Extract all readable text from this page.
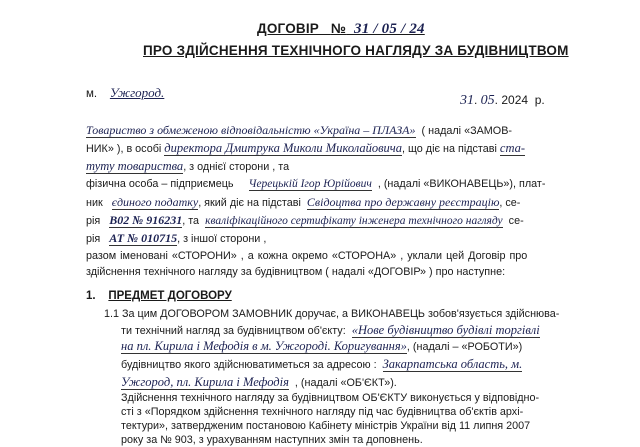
ДОГОВІР № 31 / 05 / 24
ПРО ЗДІЙСНЕННЯ ТЕХНІЧНОГО НАГЛЯДУ ЗА БУДІВНИЦТВОМ
м. Ужгород.
31. 05. 2024 р.
Товариство з обмеженою відповідальністю «Україна – ПЛАЗА» ( надалі «ЗАМОВ-
НИК» ), в особі директора Дмитрука Миколи Миколайовича, що діє на підставі ста-
туту товариства, з однієї сторони , та
фізична особа – підприємець Черецькій Ігор Юрійович , (надалі «ВИКОНАВЕЦЬ»), плат-
ник єдиного податку, який діє на підставі Свідоцтва про державну реєстрацію, се-
рія В02 № 916231, та кваліфікаційного сертифікату інженера технічного нагляду се-
рія АТ № 010715, з іншої сторони ,
разом іменовані «СТОРОНИ» , а кожна окремо «СТОРОНА» , уклали цей Договір про
здійснення технічного нагляду за будівництвом ( надалі «ДОГОВІР» ) про наступне:
1. ПРЕДМЕТ ДОГОВОРУ
1.1 За цим ДОГОВОРОМ ЗАМОВНИК доручає, а ВИКОНАВЕЦЬ зобов'язується здійснюва-
ти технічний нагляд за будівництвом об'єкту: «Нове будівництво будівлі торгівлі
на пл. Кирила і Мефодія в м. Ужгороді. Коригування», (надалі – «РОБОТИ»)
будівництво якого здійснюватиметься за адресою : Закарпатська область, м.
Ужгород, пл. Кирила і Мефодія , (надалі «ОБ'ЄКТ»).
Здійснення технічного нагляду за будівництвом ОБ'ЄКТУ виконується у відповідно-
сті з «Порядком здійснення технічного нагляду під час будівництва об'єктів архі-
тектури», затвердженим постановою Кабінету міністрів України від 11 липня 2007
року за № 903, з урахуванням наступних змін та доповнень.
